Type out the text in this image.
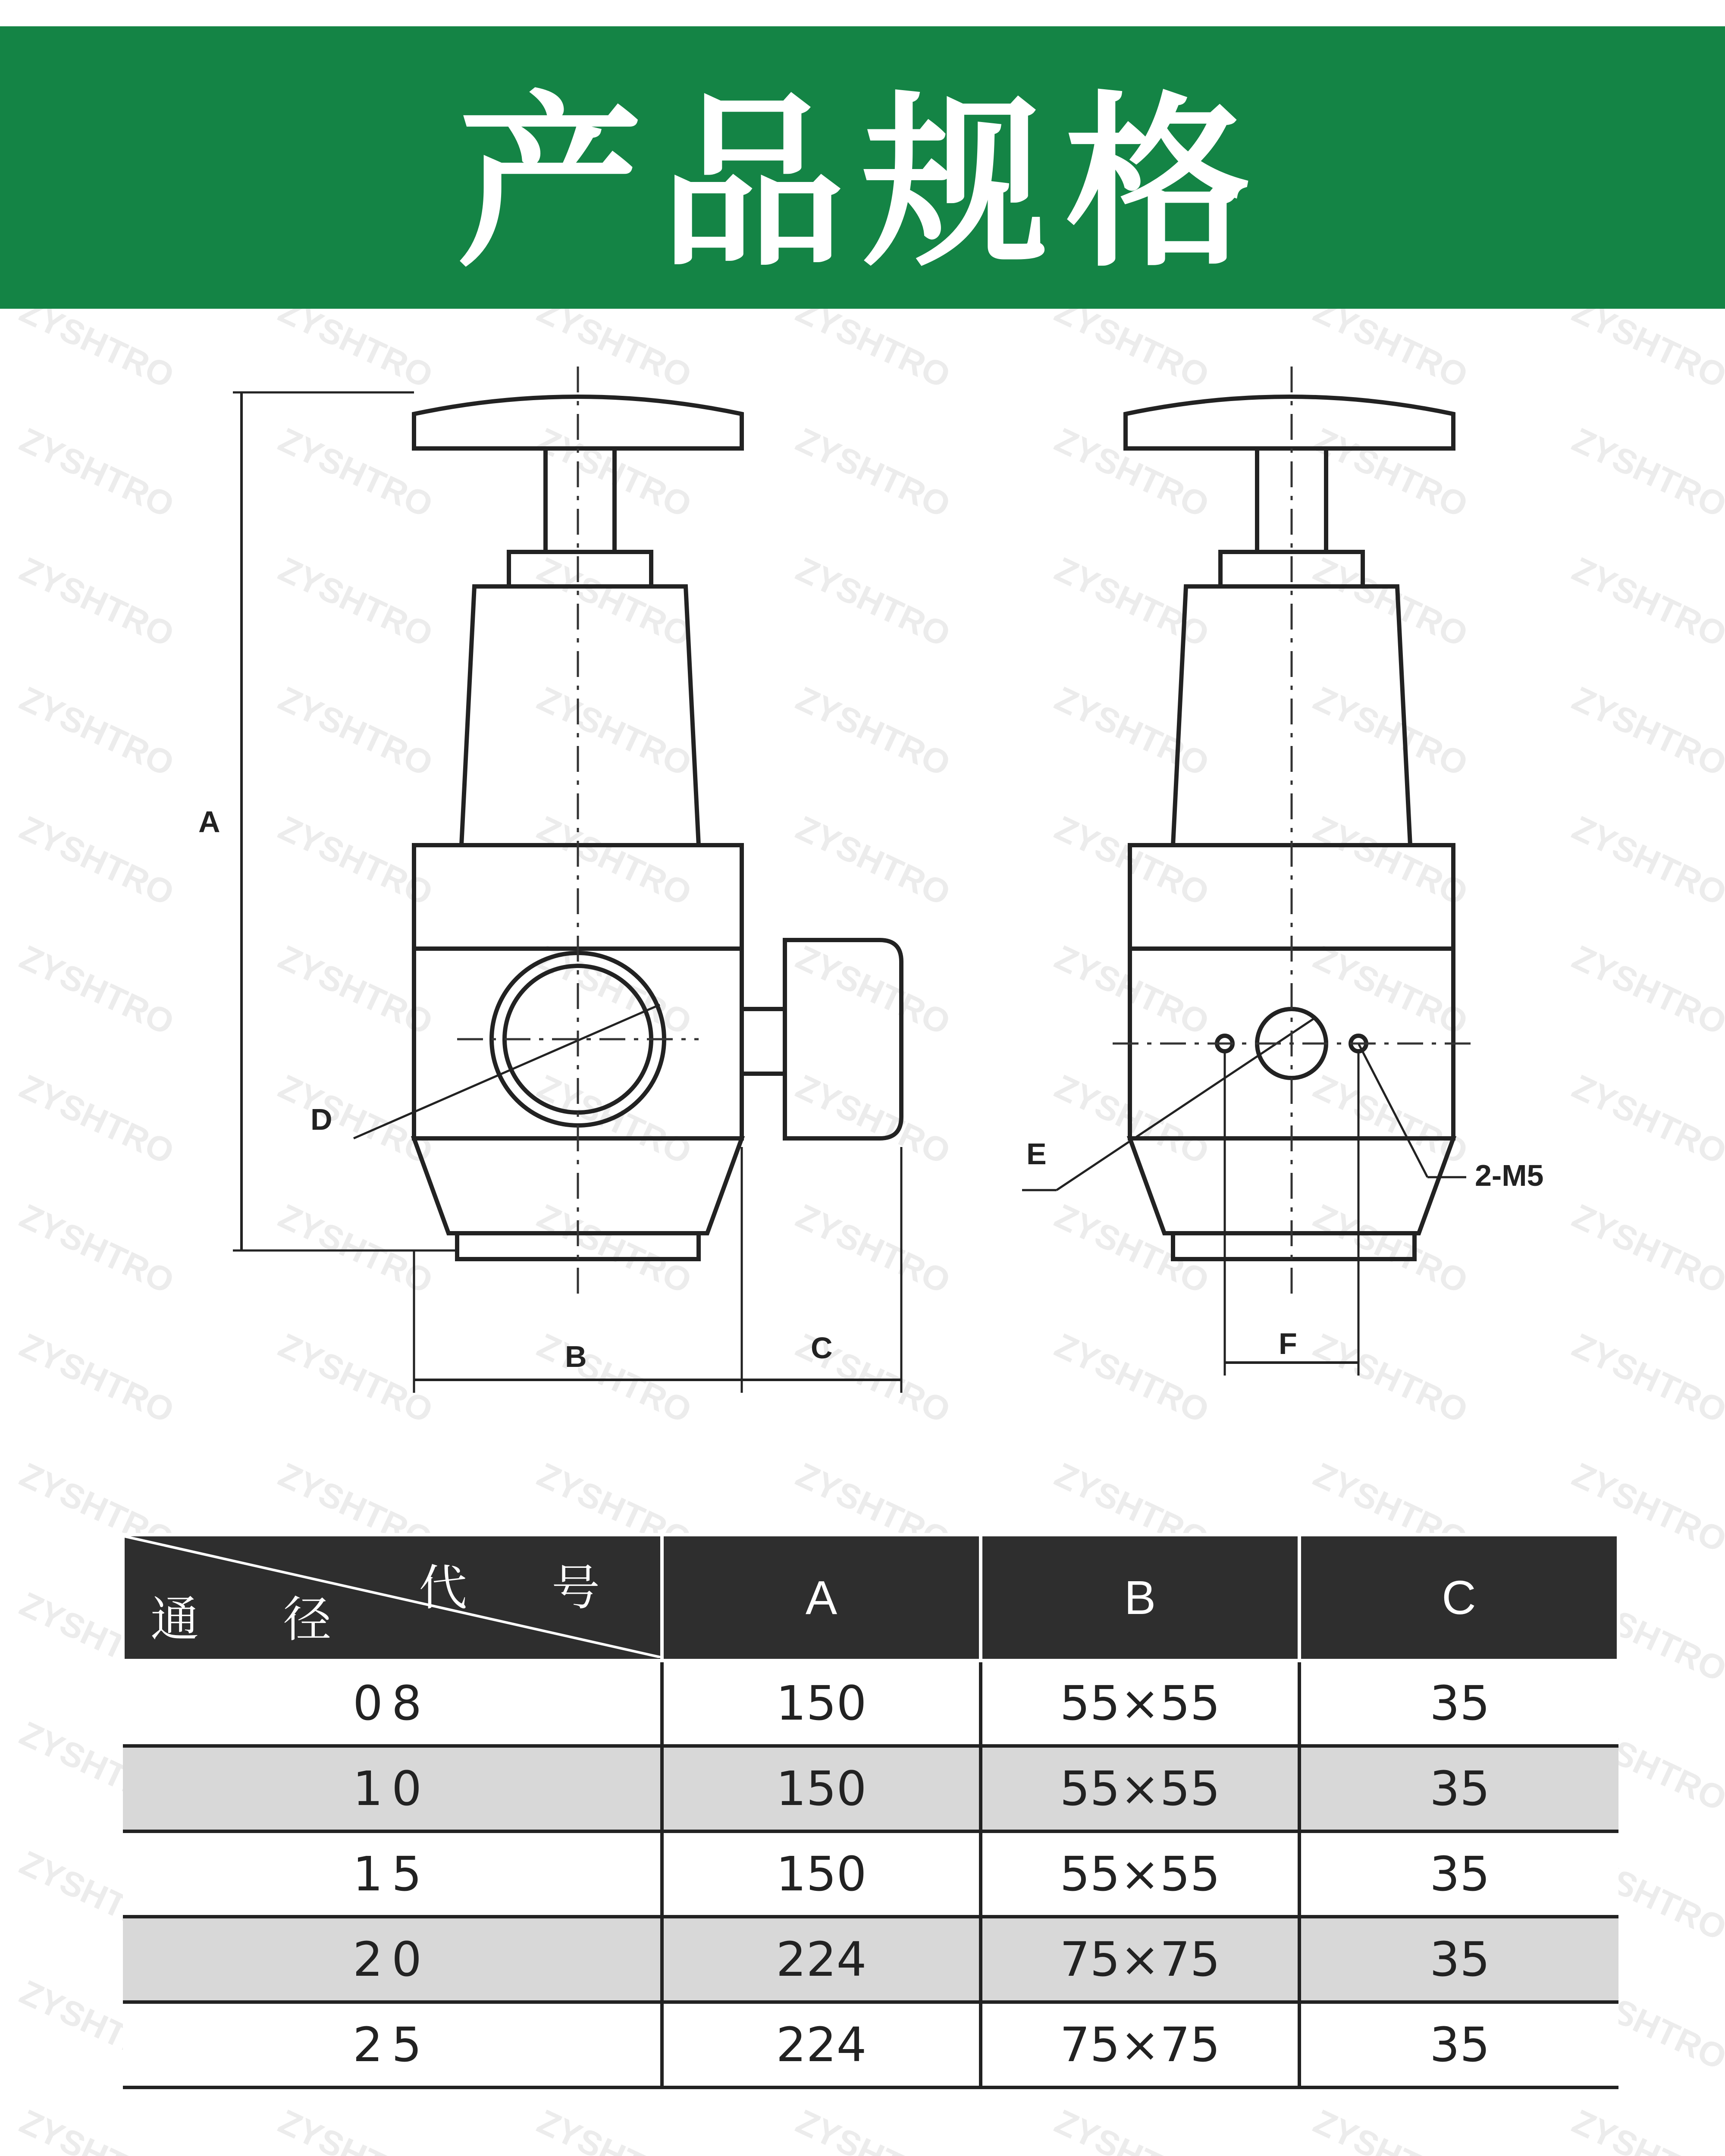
产品规格
A
D
B	C
E
2-M5
F
代 号
通 径	A	B	C
08	150	55×55	35
10	150	55×55	35
15	150	55×55	35
20	224	75×75	35
25	224	75×75	35
